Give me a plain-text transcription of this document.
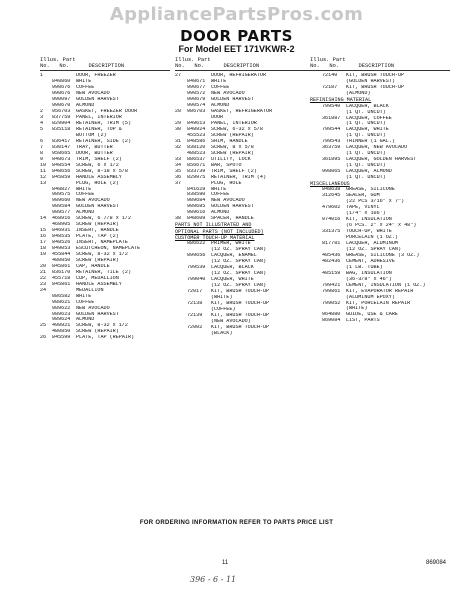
AppliancePartsPros.com
DOOR PARTS
For Model EET 171VKWR-2
Illus. Part
No.   No.      DESCRIPTION
1	DOOR, FREEZER
848860	WHITE
990676	COFFEE
990676	NEW AVOCADO
990097	GOLDEN HARVEST
990670	ALMOND
2	956703	GASKET, FREEZER DOOR
3	837759	PANEL, INTERIOR
4	829904	RETAINER, TRIM (5)
5	835118	RETAINER, TOP &
BOTTOM (2)
6	836417	RETAINER, SIDE (2)
7	830147	TRAY, BUTTER
8	958665	DOOR, BUTTER
9	848673	TRIM, SHELF (2)
10	848554	SCREW, 6 x 1/2
11	848656	SCREW, 8-18 x 5/8
12	845859	HANDLE ASSEMBLY
13	PLUG, HOLE (2)
848827	WHITE
989575	COFFEE
989660	NEW AVOCADO
989584	GOLDEN HARVEST
989577	ALMOND
14	468916	SCREW, 6 7/8 x 1/2
468905	SCREW (REPAIR)
15	846931	INSERT, HANDLE
16	848535	PLATE, TAP (2)
17	848526	INSERT, NAMEPLATE
18	849053	ESCUTCHEON, NAMEPLATE
19	455844	SCREW, 8-32 x 1/2
480850	SCREW (REPAIR)
20	845861	CAP, HANDLE
21	836170	RETAINER, TILE (2)
22	455718	CUP, MEDALLION
23	845861	HANDLE ASSEMBLY
24	MEDALLION
886582	WHITE
988621	COFFEE
989622	NEW AVOCADO
989623	GOLDEN HARVEST
989624	ALMOND
25	498921	SCREW, 8-32 x 1/2
480850	SCREW (REPAIR)
26	845599	PLATE, TAP (REPAIR)
Illus. Part
No.   No.      DESCRIPTION
27	DOOR, REFRIGERATOR
848671	WHITE
990677	COFFEE
990572	NEW AVOCADO
990679	GOLDEN HARVEST
990574	ALMOND
28	986703	GASKET, REFRIGERATOR
DOOR
29	849613	PANEL, INTERIOR
30	848924	SCREW, 6-32 x 5/8
455523	SCREW (REPAIR)
31	848586	SHIM, HANDLE
32	838120	SCREW, 8 x 5/8
488523	SCREW (REPAIR)
33	886537	UTILITY, LOCK
34	856671	BAR, SPOTO
35	833739	TRIM, SHELF (2)
36	829975	RETAINER, TRIM (4)
37	PLUG, HOLE
841629	WHITE
838590	COFFEE
989684	NEW AVOCADO
989685	GOLDEN HARVEST
989616	ALMOND
38	848609	SPACER, HANDLE
PARTS NOT ILLUSTRATED AND
OPTIONAL PARTS (NOT INCLUDED)
CUSTOMER TOUCH-UP MATERIAL
886622	PRIMER, WHITE
(12 OZ. SPRAY CAN)
899656	LACQUER, ENAMEL
(12 OZ. SPRAY CAN)
799539	LACQUER, BLACK
(12 OZ. SPRAY CAN)
799040	LACQUER, WHITE
(12 OZ. SPRAY CAN)
72017	KIT, BRUSH TOUCH-UP
(WHITE)
72138	KIT, BRUSH TOUCH-UP
(COFFEE)
72139	KIT, BRUSH TOUCH-UP
(NEW AVOCADO)
72002	KIT, BRUSH TOUCH-UP
(BLACK)
Illus. Part
No.   No.      DESCRIPTION
72140	KIT, BRUSH TOUCH-UP
(GOLDEN HARVEST)
72187	KIT, BRUSH TOUCH-UP
(ALMOND)
REFINISHING MATERIAL
799540	LACQUER, BLACK
(1 QT. UNCUT)
361887	LACQUER, COFFEE
(1 QT. UNCUT)
799544	LACQUER, WHITE
(1 QT. UNCUT)
799543	THINNER (1 GAL.)
363759	LACQUER, NEW AVOCADO
(1 QT. UNCUT)
361895	LACQUER, GOLDEN HARVEST
(1 QT. UNCUT)
998865	LACQUER, ALMOND
(1 QT. UNCUT)
MISCELLANEOUS
848638	GREASE, SILICONE
312645	SEALER, GUM
(22 PCS 3/16" x 7")
479602	TAPE, VINYL
(1/4" x 106')
974016	KIT, INSULATION
(6 PCS. 2" x 24" x 48")
331375	TOUCH-UP, WHITE
PORCELAIN (1 OZ.)
817781	LACQUER, ALUMINUM
(12 OZ. SPRAY CAN)
485436	GREASE, SILICONE (3 OZ.)
482436	CEMENT, ADHESIVE
(1 LB. TUBE)
485159	BAG, INSULATION
(36-3/8" x 46")
799421	CEMENT, INSULATION (1 OZ.)
799861	KIT, EVAPORATOR REPAIR
(ALUMINUM EPOXY)
799052	KIT, PORCELAIN REPAIR
(WHITE)
964880	GUIDE, USE & CARE
869084	LIST, PARTS
FOR ORDERING INFORMATION REFER TO PARTS PRICE LIST
11	869084
396 - 6 - 11
